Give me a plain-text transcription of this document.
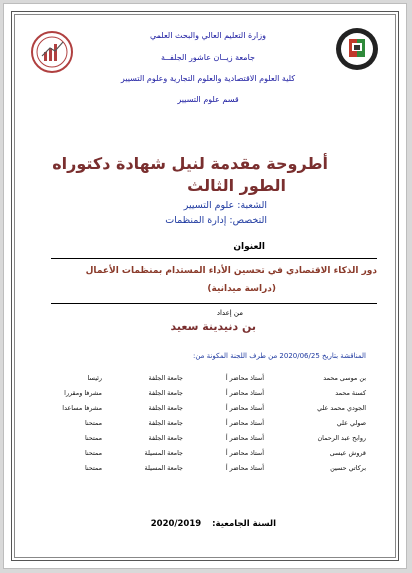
وزارة التعليم العالي والبحث العلمي
جامعة زيــان عاشور الجلفــة
كلية العلوم الاقتصادية والعلوم التجارية وعلوم التسيير
قسم علوم التسيير
أطروحة مقدمة لنيل شهادة دكتوراه
الطور الثالث
الشعبة: علوم التسيير
التخصص: إدارة المنظمات
العنوان
دور الذكاء الاقتصادي في تحسين الأداء المستدام بمنظمات الأعمال
(دراسة ميدانية)
من إعداد
بن دنيدينة سعيد
المناقشة بتاريخ 2020/06/25 من طرف اللجنة المكونة من:
بن موسى محمد
أستاذ محاضر أ
جامعة الجلفة
رئيسا
كسنة محمد
أستاذ محاضر أ
جامعة الجلفة
مشرفا ومقررا
الجودي محمد علي
أستاذ محاضر أ
جامعة الجلفة
مشرفا مساعدا
صولي علي
أستاذ محاضر أ
جامعة الجلفة
ممتحنا
روابح عبد الرحمان
أستاذ محاضر أ
جامعة الجلفة
ممتحنا
قروش عيسى
أستاذ محاضر أ
جامعة المسيلة
ممتحنا
بركاتي حسين
أستاذ محاضر أ
جامعة المسيلة
ممتحنا
السنة الجامعية: 2020/2019
